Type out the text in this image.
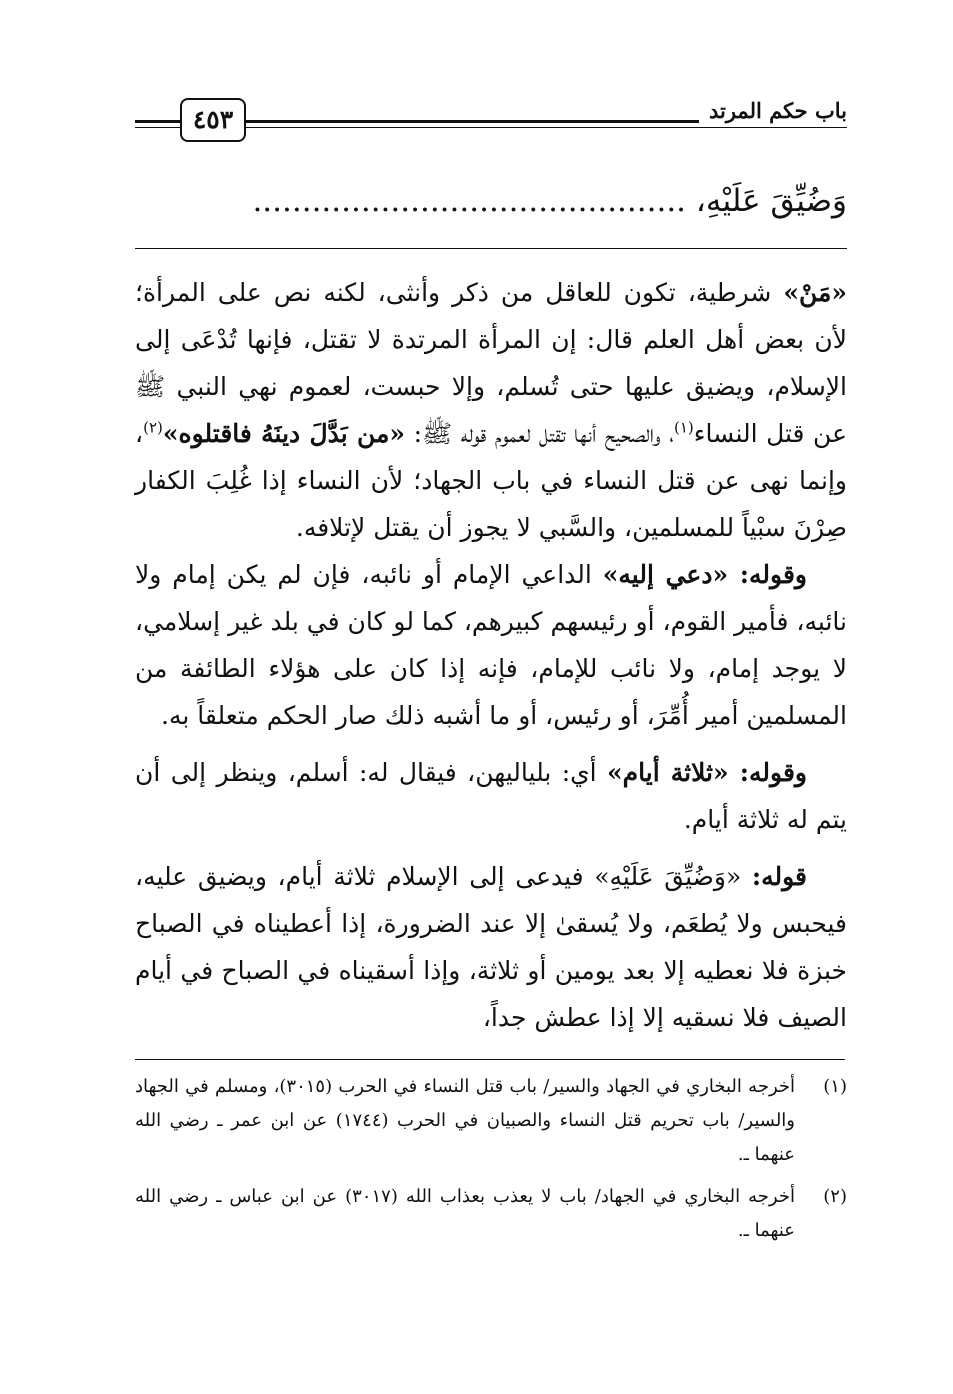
٤٥٣	باب حكم المرتد
وَضُيِّقَ عَلَيْهِ، ............................................

«مَنْ» شرطية، تكون للعاقل من ذكر وأنثى، لكنه نص على المرأة؛ لأن بعض أهل العلم قال: إن المرأة المرتدة لا تقتل، فإنها تُدْعَى إلى الإسلام، ويضيق عليها حتى تُسلم، وإلا حبست، لعموم نهي النبي ﷺ عن قتل النساء$^{(١)}$، والصحيح أنها تقتل لعموم قوله ﷺ: «من بَدَّلَ دينَهُ فاقتلوه»$^{(٢)}$، وإنما نهى عن قتل النساء في باب الجهاد؛ لأن النساء إذا غُلِبَ الكفار صِرْنَ سبْياً للمسلمين، والسَّبي لا يجوز أن يقتل لإتلافه.

وقوله: «دعي إليه» الداعي الإمام أو نائبه، فإن لم يكن إمام ولا نائبه، فأمير القوم، أو رئيسهم كبيرهم، كما لو كان في بلد غير إسلامي، لا يوجد إمام، ولا نائب للإمام، فإنه إذا كان على هؤلاء الطائفة من المسلمين أمير أُمِّرَ، أو رئيس، أو ما أشبه ذلك صار الحكم متعلقاً به.

وقوله: «ثلاثة أيام» أي: بلياليهن، فيقال له: أسلم، وينظر إلى أن يتم له ثلاثة أيام.

قوله: «وَضُيِّقَ عَلَيْهِ» فيدعى إلى الإسلام ثلاثة أيام، ويضيق عليه، فيحبس ولا يُطعَم، ولا يُسقىٰ إلا عند الضرورة، إذا أعطيناه في الصباح خبزة فلا نعطيه إلا بعد يومين أو ثلاثة، وإذا أسقيناه في الصباح في أيام الصيف فلا نسقيه إلا إذا عطش جداً،

(١)
أخرجه البخاري في الجهاد والسير/ باب قتل النساء في الحرب (٣٠١٥)، ومسلم في الجهاد والسير/ باب تحريم قتل النساء والصبيان في الحرب (١٧٤٤) عن ابن عمر ـ رضي الله عنهما ـ.
(٢)
أخرجه البخاري في الجهاد/ باب لا يعذب بعذاب الله (٣٠١٧) عن ابن عباس ـ رضي الله عنهما ـ.
